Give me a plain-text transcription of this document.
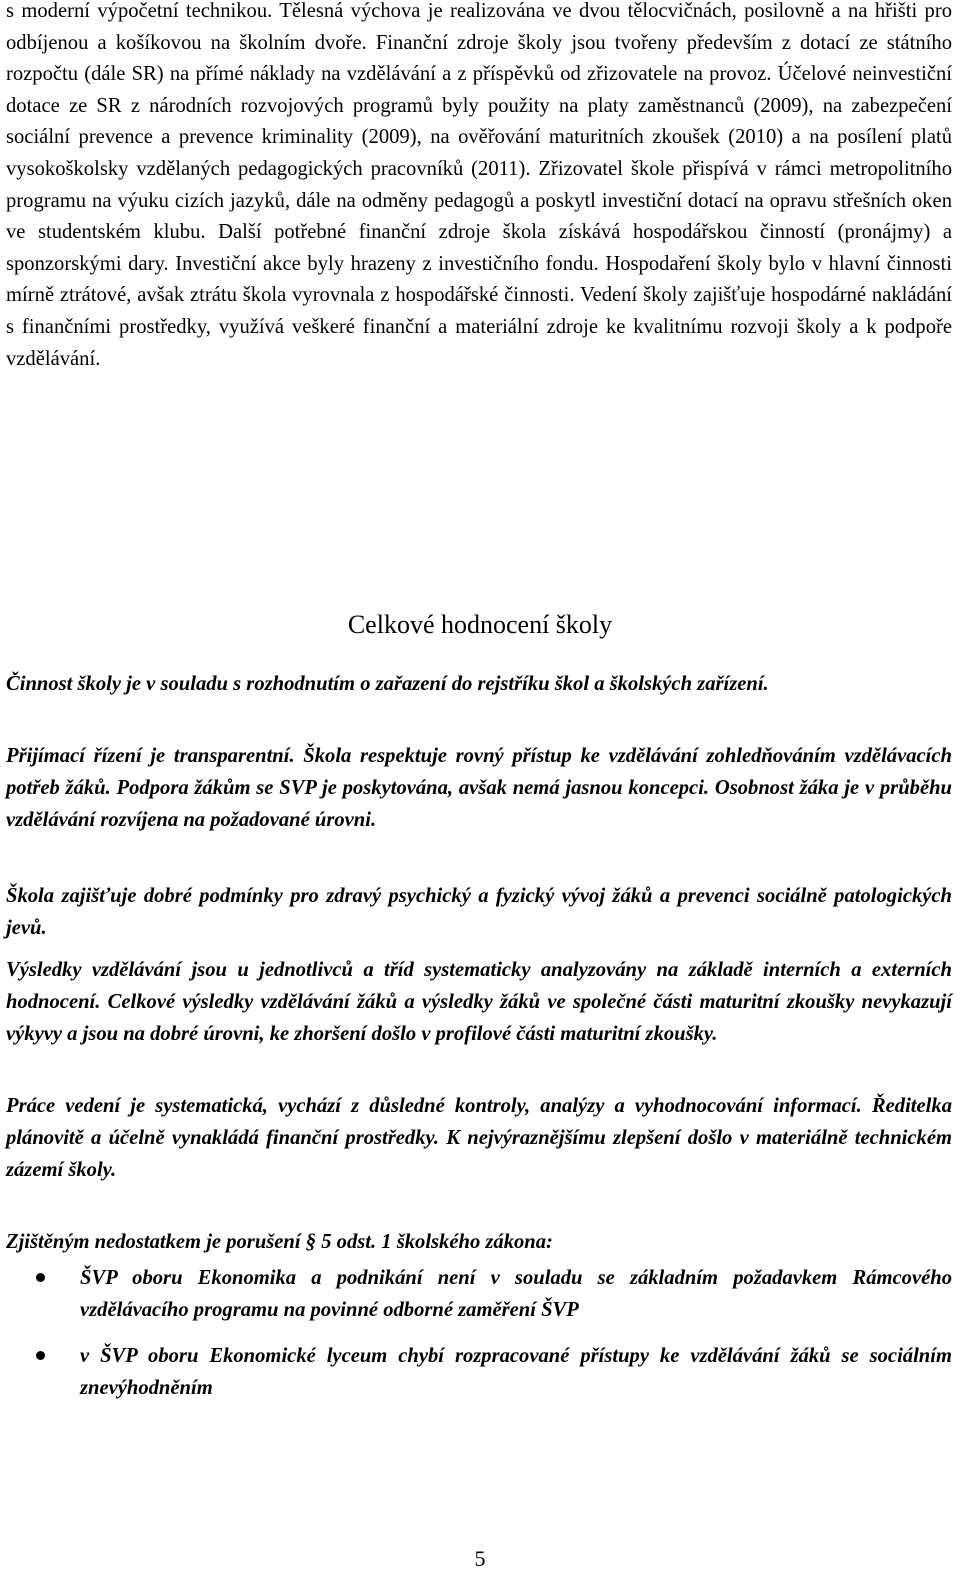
s moderní výpočetní technikou. Tělesná výchova je realizována ve dvou tělocvičnách, posilovně a na hřišti pro odbíjenou a košíkovou na školním dvoře. Finanční zdroje školy jsou tvořeny především z dotací ze státního rozpočtu (dále SR) na přímé náklady na vzdělávání a z příspěvků od zřizovatele na provoz. Účelové neinvestiční dotace ze SR z národních rozvojových programů byly použity na platy zaměstnanců (2009), na zabezpečení sociální prevence a prevence kriminality (2009), na ověřování maturitních zkoušek (2010) a na posílení platů vysokoškolsky vzdělaných pedagogických pracovníků (2011). Zřizovatel škole přispívá v rámci metropolitního programu na výuku cizích jazyků, dále na odměny pedagogů a poskytl investiční dotací na opravu střešních oken ve studentském klubu. Další potřebné finanční zdroje škola získává hospodářskou činností (pronájmy) a sponzorskými dary. Investiční akce byly hrazeny z investičního fondu. Hospodaření školy bylo v hlavní činnosti mírně ztrátové, avšak ztrátu škola vyrovnala z hospodářské činnosti. Vedení školy zajišťuje hospodárné nakládání s finančními prostředky, využívá veškeré finanční a materiální zdroje ke kvalitnímu rozvoji školy a k podpoře vzdělávání.

Celkové hodnocení školy

Činnost školy je v souladu s rozhodnutím o zařazení do rejstříku škol a školských zařízení.

Přijímací řízení je transparentní. Škola respektuje rovný přístup ke vzdělávání zohledňováním vzdělávacích potřeb žáků. Podpora žákům se SVP je poskytována, avšak nemá jasnou koncepci. Osobnost žáka je v průběhu vzdělávání rozvíjena na požadované úrovni.

Škola zajišťuje dobré podmínky pro zdravý psychický a fyzický vývoj žáků a prevenci sociálně patologických jevů.

Výsledky vzdělávání jsou u jednotlivců a tříd systematicky analyzovány na základě interních a externích hodnocení. Celkové výsledky vzdělávání žáků a výsledky žáků ve společné části maturitní zkoušky nevykazují výkyvy a jsou na dobré úrovni, ke zhoršení došlo v profilové části maturitní zkoušky.

Práce vedení je systematická, vychází z důsledné kontroly, analýzy a vyhodnocování informací. Ředitelka plánovitě a účelně vynakládá finanční prostředky. K nejvýraznějšímu zlepšení došlo v materiálně technickém zázemí školy.

Zjištěným nedostatkem je porušení § 5 odst. 1 školského zákona:

ŠVP oboru Ekonomika a podnikání není v souladu se základním požadavkem Rámcového vzdělávacího programu na povinné odborné zaměření ŠVP
v ŠVP oboru Ekonomické lyceum chybí rozpracované přístupy ke vzdělávání žáků se sociálním znevýhodněním
5
